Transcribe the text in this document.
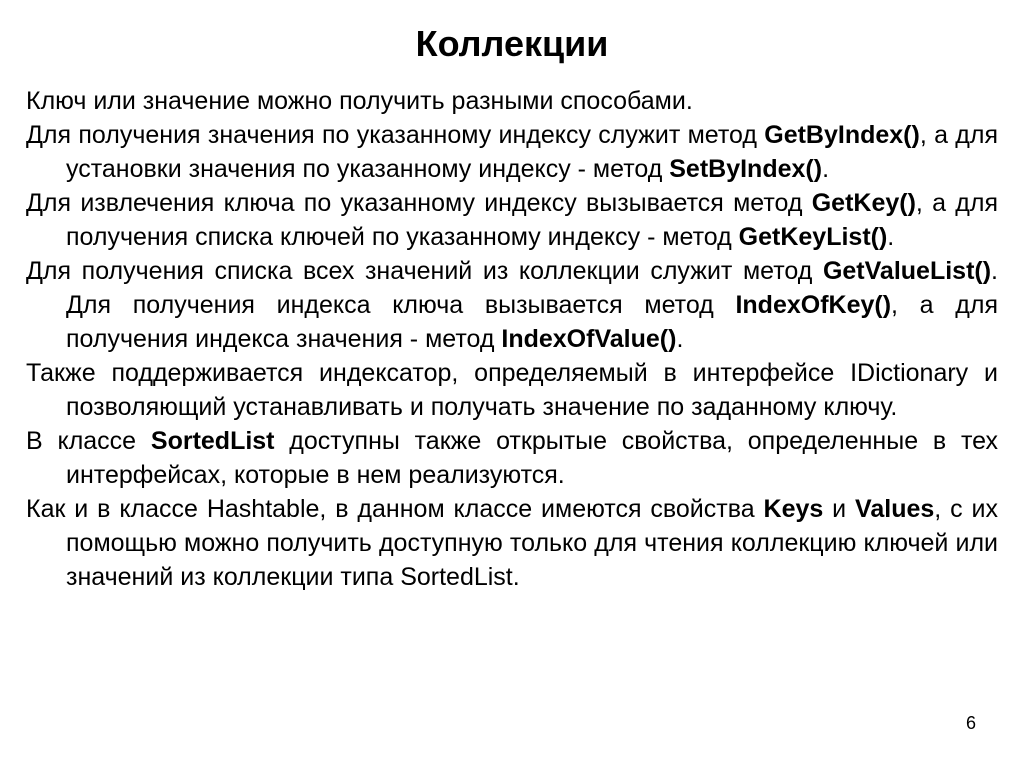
Коллекции

Ключ или значение можно получить разными способами.

Для получения значения по указанному индексу служит метод GetByIndex(), а для установки значения по указанному индексу - метод SetByIndex().

Для извлечения ключа по указанному индексу вызывается метод GetKey(), а для получения списка ключей по указанному индексу - метод GetKeyList().

Для получения списка всех значений из коллекции служит метод GetValueList(). Для получения индекса ключа вызывается метод IndexOfKey(), а для получения индекса значения - метод IndexOfValue().

Также поддерживается индексатор, определяемый в интерфейсе IDictionary и позволяющий устанавливать и получать значение по заданному ключу.

В классе SortedList доступны также открытые свойства, определенные в тех интерфейсах, которые в нем реализуются.

Как и в классе Hashtable, в данном классе имеются свойства Keys и Values, с их помощью можно получить доступную только для чтения коллекцию ключей или значений из коллекции типа SortedList.

6
